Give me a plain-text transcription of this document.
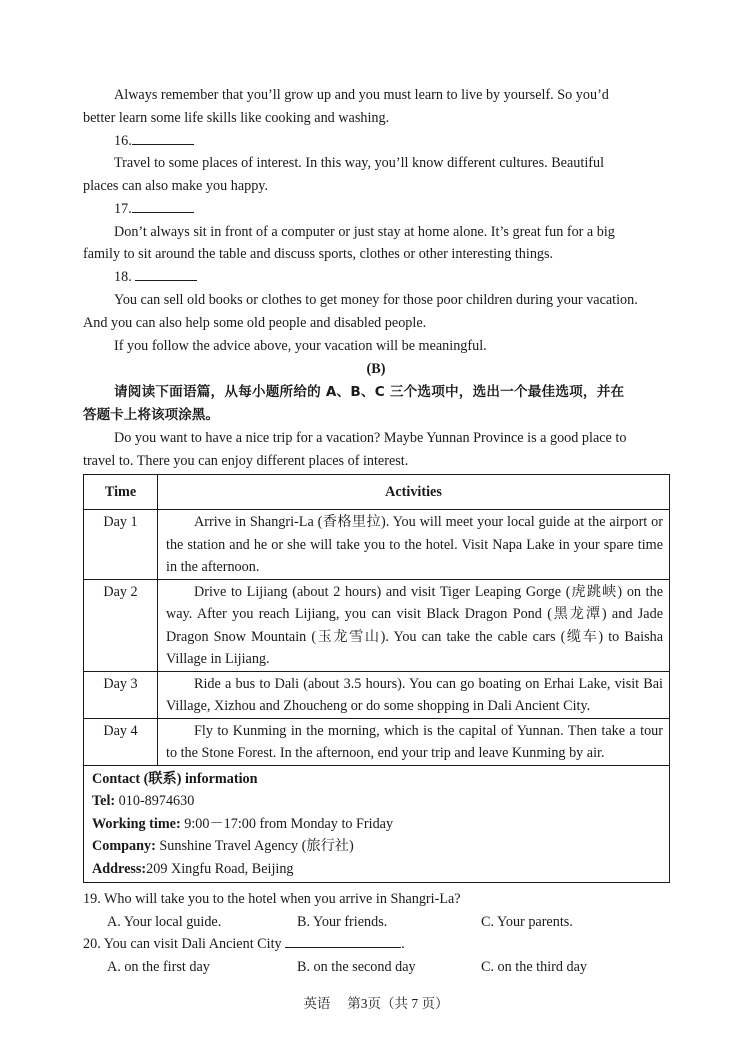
Always remember that you’ll grow up and you must learn to live by yourself. So you’d
better learn some life skills like cooking and washing.
16.
Travel to some places of interest. In this way, you’ll know different cultures. Beautiful
places can also make you happy.
17.
Don’t always sit in front of a computer or just stay at home alone. It’s great fun for a big
family to sit around the table and discuss sports, clothes or other interesting things.
18.
You can sell old books or clothes to get money for those poor children during your vacation.
And you can also help some old people and disabled people.
If you follow the advice above, your vacation will be meaningful.
(B)
请阅读下面语篇，从每小题所给的 A、B、C 三个选项中，选出一个最佳选项，并在
答题卡上将该项涂黑。
Do you want to have a nice trip for a vacation? Maybe Yunnan Province is a good place to
travel to. There you can enjoy different places of interest.
Time	Activities
Day 1	Arrive in Shangri-La (香格里拉). You will meet your local guide at the airport or the station and he or she will take you to the hotel. Visit Napa Lake in your spare time in the afternoon.
Day 2	Drive to Lijiang (about 2 hours) and visit Tiger Leaping Gorge (虎跳峡) on the way. After you reach Lijiang, you can visit Black Dragon Pond (黑龙潭) and Jade Dragon Snow Mountain (玉龙雪山). You can take the cable cars (缆车) to Baisha Village in Lijiang.
Day 3	Ride a bus to Dali (about 3.5 hours). You can go boating on Erhai Lake, visit Bai Village, Xizhou and Zhoucheng or do some shopping in Dali Ancient City.
Day 4	Fly to Kunming in the morning, which is the capital of Yunnan. Then take a tour to the Stone Forest. In the afternoon, end your trip and leave Kunming by air.

Contact (联系) information
Tel: 010-8974630
Working time: 9:00－17:00 from Monday to Friday
Company: Sunshine Travel Agency (旅行社)
Address:209 Xingfu Road, Beijing	
19. Who will take you to the hotel when you arrive in Shangri-La?
A. Your local guide.	B. Your friends.	C. Your parents.
20. You can visit Dali Ancient City	.
A. on the first day	B. on the second day	C. on the third day
英语　 第3页（共 7 页）
